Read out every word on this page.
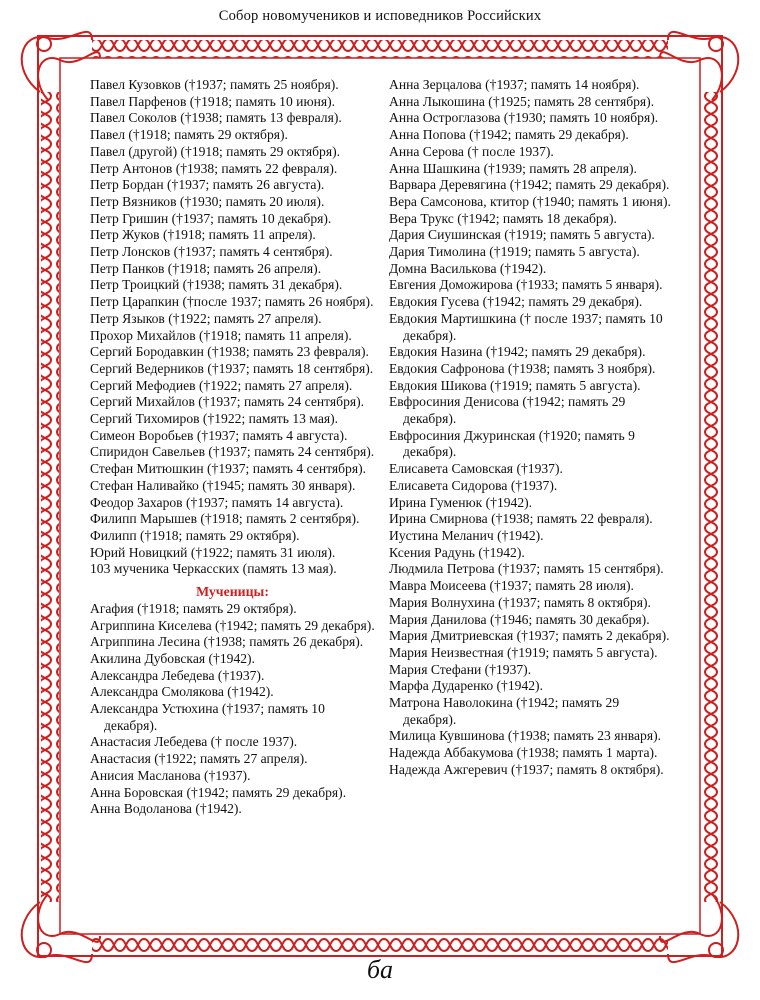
Собор новомучеников и исповедников Российских
Павел Кузовков (†1937; память 25 ноября).
Павел Парфенов (†1918; память 10 июня).
Павел Соколов (†1938; память 13 февраля).
Павел (†1918; память 29 октября).
Павел (другой) (†1918; память 29 октября).
Петр Антонов (†1938; память 22 февраля).
Петр Бордан (†1937; память 26 августа).
Петр Вязников (†1930; память 20 июля).
Петр Гришин (†1937; память 10 декабря).
Петр Жуков (†1918; память 11 апреля).
Петр Лонсков (†1937; память 4 сентября).
Петр Панков (†1918; память 26 апреля).
Петр Троицкий (†1938; память 31 декабря).
Петр Царапкин (†после 1937; память 26 ноября).
Петр Языков (†1922; память 27 апреля).
Прохор Михайлов (†1918; память 11 апреля).
Сергий Бородавкин (†1938; память 23 февраля).
Сергий Ведерников (†1937; память 18 сентября).
Сергий Мефодиев (†1922; память 27 апреля).
Сергий Михайлов (†1937; память 24 сентября).
Сергий Тихомиров (†1922; память 13 мая).
Симеон Воробьев (†1937; память 4 августа).
Спиридон Савельев (†1937; память 24 сентября).
Стефан Митюшкин (†1937; память 4 сентября).
Стефан Наливайко (†1945; память 30 января).
Феодор Захаров (†1937; память 14 августа).
Филипп Марышев (†1918; память 2 сентября).
Филипп (†1918; память 29 октября).
Юрий Новицкий (†1922; память 31 июля).
103 мученика Черкасских (память 13 мая).
Мученицы:
Агафия (†1918; память 29 октября).
Агриппина Киселева (†1942; память 29 декабря).
Агриппина Лесина (†1938; память 26 декабря).
Акилина Дубовская (†1942).
Александра Лебедева (†1937).
Александра Смолякова (†1942).
Александра Устюхина (†1937; память 10 декабря).
Анастасия Лебедева († после 1937).
Анастасия (†1922; память 27 апреля).
Анисия Масланова (†1937).
Анна Боровская (†1942; память 29 декабря).
Анна Водоланова (†1942).
Анна Зерцалова (†1937; память 14 ноября).
Анна Лыкошина (†1925; память 28 сентября).
Анна Остроглазова (†1930; память 10 ноября).
Анна Попова (†1942; память 29 декабря).
Анна Серова († после 1937).
Анна Шашкина (†1939; память 28 апреля).
Варвара Деревягина (†1942; память 29 декабря).
Вера Самсонова, ктитор (†1940; память 1 июня).
Вера Трукс (†1942; память 18 декабря).
Дария Сиушинская (†1919; память 5 августа).
Дария Тимолина (†1919; память 5 августа).
Домна Василькова (†1942).
Евгения Доможирова (†1933; память 5 января).
Евдокия Гусева (†1942; память 29 декабря).
Евдокия Мартишкина († после 1937; память 10 декабря).
Евдокия Назина (†1942; память 29 декабря).
Евдокия Сафронова (†1938; память 3 ноября).
Евдокия Шикова (†1919; память 5 августа).
Евфросиния Денисова (†1942; память 29 декабря).
Евфросиния Джуринская (†1920; память 9 декабря).
Елисавета Самовская (†1937).
Елисавета Сидорова (†1937).
Ирина Гуменюк (†1942).
Ирина Смирнова (†1938; память 22 февраля).
Иустина Меланич (†1942).
Ксения Радунь (†1942).
Людмила Петрова (†1937; память 15 сентября).
Мавра Моисеева (†1937; память 28 июля).
Мария Волнухина (†1937; память 8 октября).
Мария Данилова (†1946; память 30 декабря).
Мария Дмитриевская (†1937; память 2 декабря).
Мария Неизвестная (†1919; память 5 августа).
Мария Стефани (†1937).
Марфа Дударенко (†1942).
Матрона Наволокина (†1942; память 29 декабря).
Милица Кувшинова (†1938; память 23 января).
Надежда Аббакумова (†1938; память 1 марта).
Надежда Ажгеревич (†1937; память 8 октября).
ба
